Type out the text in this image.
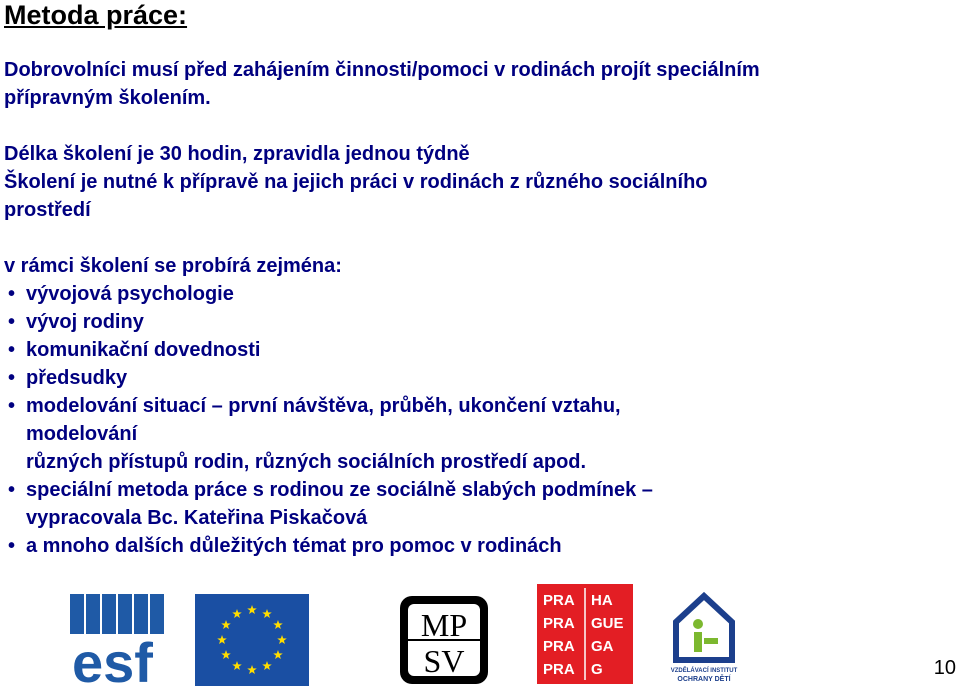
Metoda práce:
Dobrovolníci musí před zahájením činnosti/pomoci v rodinách projít speciálním
přípravným školením.
Délka školení je 30 hodin, zpravidla jednou týdně
Školení je nutné k přípravě na jejich práci v rodinách z různého sociálního
prostředí
v rámci školení se probírá zejména:
• vývojová psychologie
• vývoj rodiny
• komunikační dovednosti
• předsudky
• modelování situací – první návštěva, průběh, ukončení vztahu,
modelování
různých přístupů rodin, různých sociálních prostředí apod.
• speciální metoda práce s rodinou ze sociálně slabých podmínek –
vypracovala Bc. Kateřina Piskačová
• a mnoho dalších důležitých témat pro pomoc v rodinách
esf
MP
SV
PRA HA
PRA GUE
PRA GA
PRA G	VZDĚLÁVACÍ INSTITUT
OCHRANY DĚTÍ
10
